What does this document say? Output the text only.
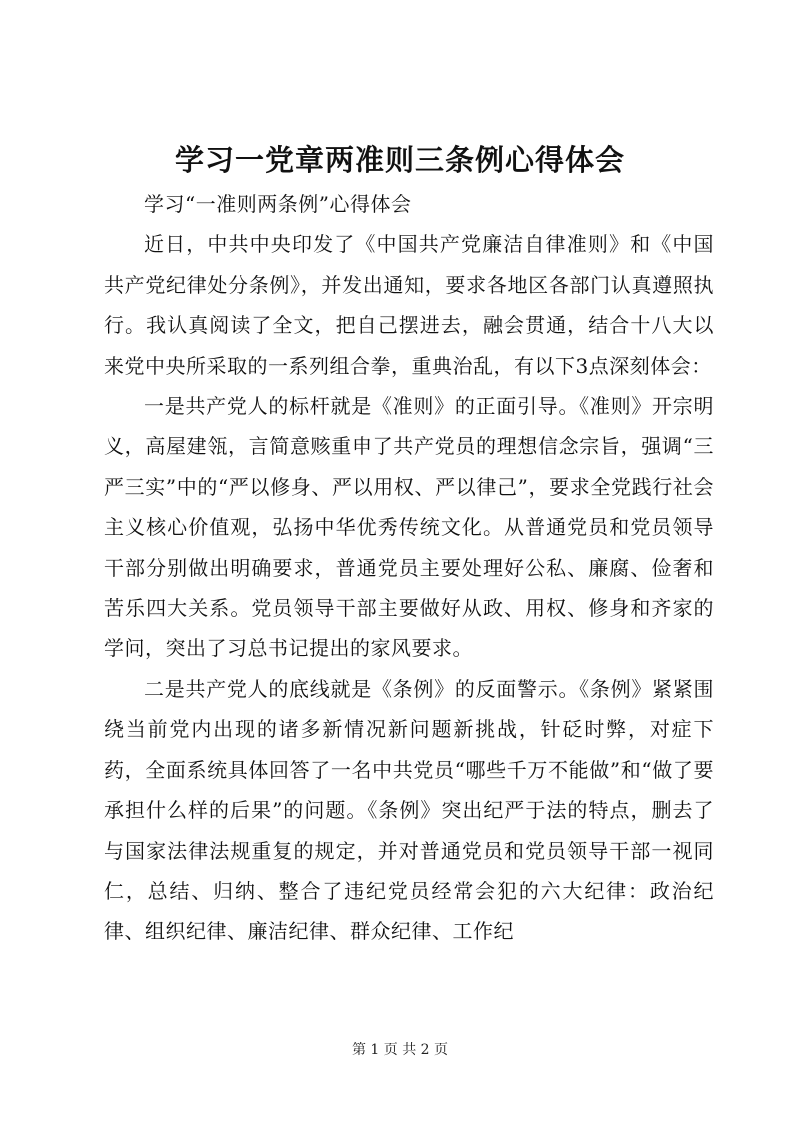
学习一党章两准则三条例心得体会

学习“一准则两条例”心得体会

近日，中共中央印发了《中国共产党廉洁自律准则》和《中国共产党纪律处分条例》，并发出通知，要求各地区各部门认真遵照执行。我认真阅读了全文，把自己摆进去，融会贯通，结合十八大以来党中央所采取的一系列组合拳，重典治乱，有以下3点深刻体会：

一是共产党人的标杆就是《准则》的正面引导。《准则》开宗明义，高屋建瓴，言简意赅重申了共产党员的理想信念宗旨，强调“三严三实”中的“严以修身、严以用权、严以律己”，要求全党践行社会主义核心价值观，弘扬中华优秀传统文化。从普通党员和党员领导干部分别做出明确要求，普通党员主要处理好公私、廉腐、俭奢和苦乐四大关系。党员领导干部主要做好从政、用权、修身和齐家的学问，突出了习总书记提出的家风要求。

二是共产党人的底线就是《条例》的反面警示。《条例》紧紧围绕当前党内出现的诸多新情况新问题新挑战，针砭时弊，对症下药，全面系统具体回答了一名中共党员“哪些千万不能做”和“做了要承担什么样的后果”的问题。《条例》突出纪严于法的特点，删去了与国家法律法规重复的规定，并对普通党员和党员领导干部一视同仁，总结、归纳、整合了违纪党员经常会犯的六大纪律：政治纪律、组织纪律、廉洁纪律、群众纪律、工作纪

第 1 页 共 2 页
